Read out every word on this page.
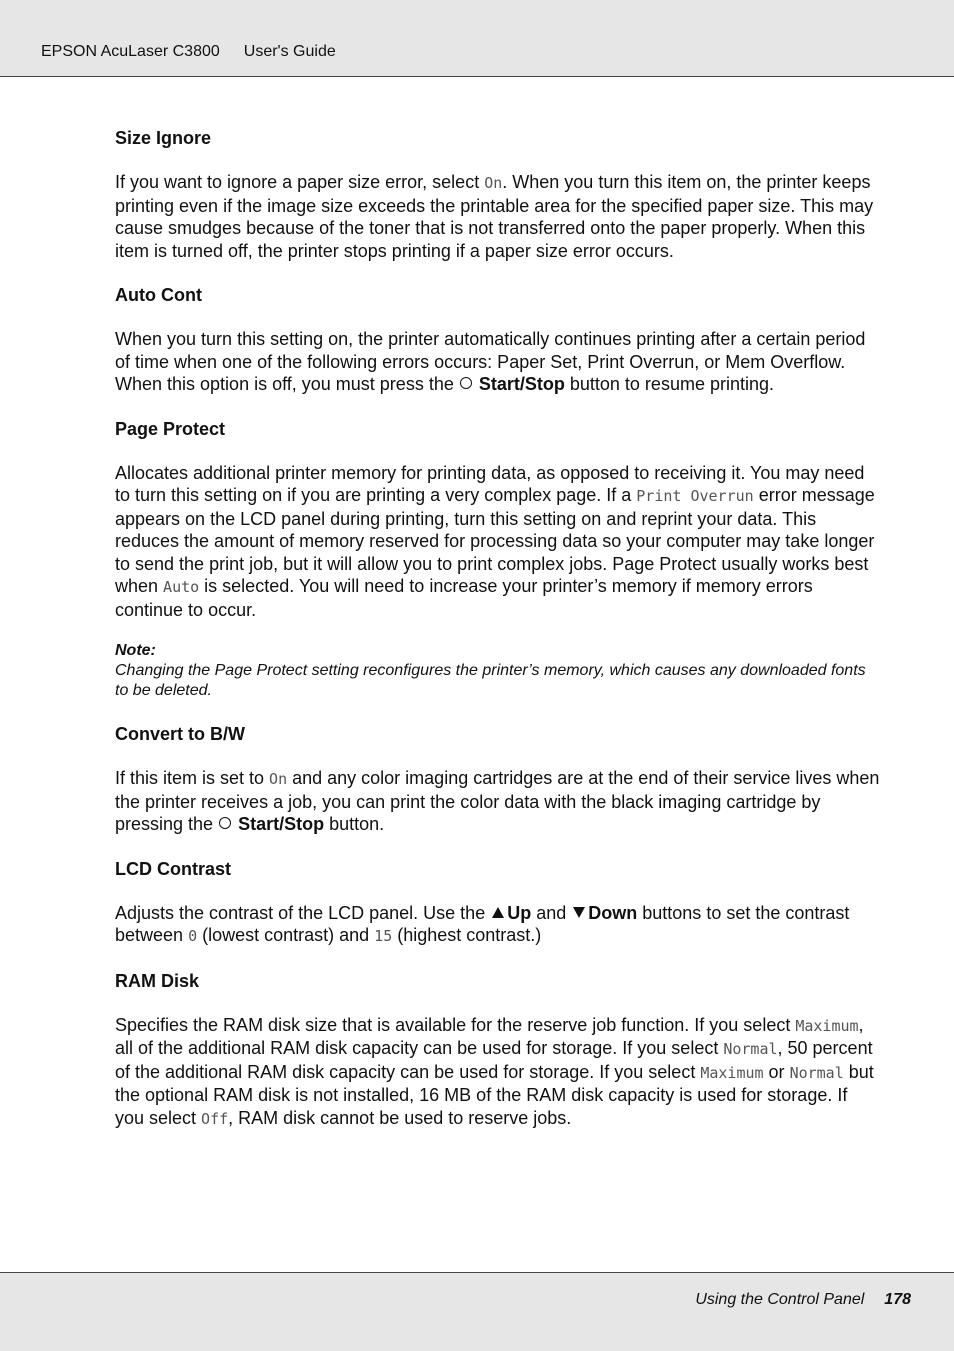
EPSON AcuLaser C3800 User's Guide
Size Ignore

If you want to ignore a paper size error, select On. When you turn this item on, the printer keeps printing even if the image size exceeds the printable area for the specified paper size. This may cause smudges because of the toner that is not transferred onto the paper properly. When this item is turned off, the printer stops printing if a paper size error occurs.

Auto Cont

When you turn this setting on, the printer automatically continues printing after a certain period of time when one of the following errors occurs: Paper Set, Print Overrun, or Mem Overflow. When this option is off, you must press the  Start/Stop button to resume printing.

Page Protect

Allocates additional printer memory for printing data, as opposed to receiving it. You may need to turn this setting on if you are printing a very complex page. If a Print Overrun error message appears on the LCD panel during printing, turn this setting on and reprint your data. This reduces the amount of memory reserved for processing data so your computer may take longer to send the print job, but it will allow you to print complex jobs. Page Protect usually works best when Auto is selected. You will need to increase your printer’s memory if memory errors continue to occur.

Note:

Changing the Page Protect setting reconfigures the printer’s memory, which causes any downloaded fonts to be deleted.

Convert to B/W

If this item is set to On and any color imaging cartridges are at the end of their service lives when the printer receives a job, you can print the color data with the black imaging cartridge by pressing the  Start/Stop button.

LCD Contrast

Adjusts the contrast of the LCD panel. Use the Up and Down buttons to set the contrast between 0 (lowest contrast) and 15 (highest contrast.)

RAM Disk

Specifies the RAM disk size that is available for the reserve job function. If you select Maximum, all of the additional RAM disk capacity can be used for storage. If you select Normal, 50 percent of the additional RAM disk capacity can be used for storage. If you select Maximum or Normal but the optional RAM disk is not installed, 16 MB of the RAM disk capacity is used for storage. If you select Off, RAM disk cannot be used to reserve jobs.

Using the Control Panel 178
